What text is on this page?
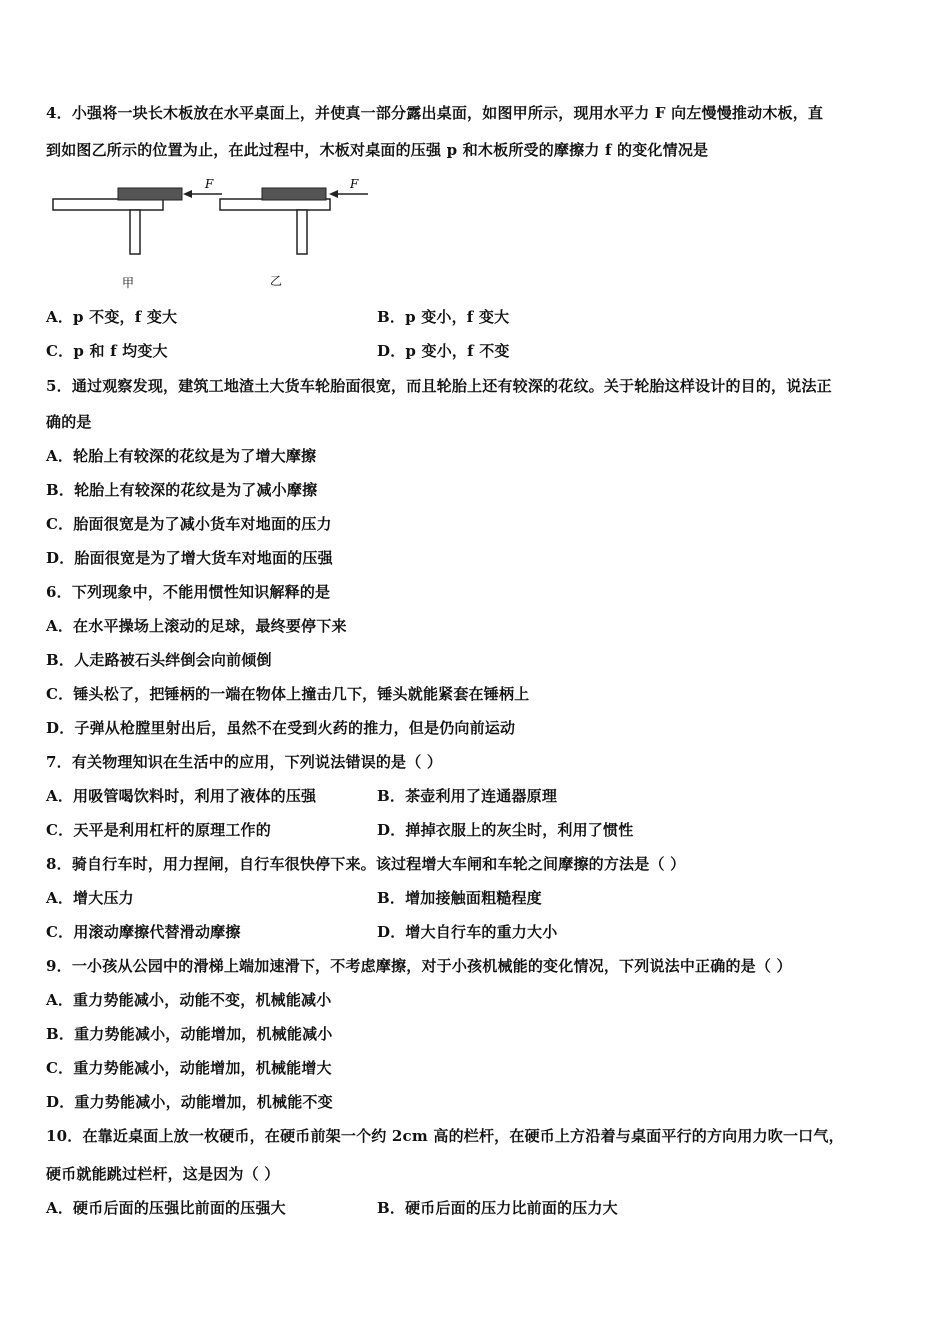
4．小强将一块长木板放在水平桌面上，并使真一部分露出桌面，如图甲所示，现用水平力 F 向左慢慢推动木板，直
到如图乙所示的位置为止，在此过程中，木板对桌面的压强 p 和木板所受的摩擦力 f 的变化情况是
F	F
甲	乙
A．p 不变，f 变大	B．p 变小，f 变大
C．p 和 f 均变大	D．p 变小，f 不变
5．通过观察发现，建筑工地渣土大货车轮胎面很宽，而且轮胎上还有较深的花纹。关于轮胎这样设计的目的，说法正
确的是
A．轮胎上有较深的花纹是为了增大摩擦
B．轮胎上有较深的花纹是为了减小摩擦
C．胎面很宽是为了减小货车对地面的压力
D．胎面很宽是为了增大货车对地面的压强
6．下列现象中，不能用惯性知识解释的是
A．在水平操场上滚动的足球，最终要停下来
B．人走路被石头绊倒会向前倾倒
C．锤头松了，把锤柄的一端在物体上撞击几下，锤头就能紧套在锤柄上
D．子弹从枪膛里射出后，虽然不在受到火药的推力，但是仍向前运动
7．有关物理知识在生活中的应用，下列说法错误的是（ ）
A．用吸管喝饮料时，利用了液体的压强	B．茶壶利用了连通器原理
C．天平是利用杠杆的原理工作的	D．掸掉衣服上的灰尘时，利用了惯性
8．骑自行车时，用力捏闸，自行车很快停下来。该过程增大车闸和车轮之间摩擦的方法是（ ）
A．增大压力	B．增加接触面粗糙程度
C．用滚动摩擦代替滑动摩擦	D．增大自行车的重力大小
9．一小孩从公园中的滑梯上端加速滑下，不考虑摩擦，对于小孩机械能的变化情况，下列说法中正确的是（ ）
A．重力势能减小，动能不变，机械能减小
B．重力势能减小，动能增加，机械能减小
C．重力势能减小，动能增加，机械能增大
D．重力势能减小，动能增加，机械能不变
10．在靠近桌面上放一枚硬币，在硬币前架一个约 2cm 高的栏杆，在硬币上方沿着与桌面平行的方向用力吹一口气，
硬币就能跳过栏杆，这是因为（ ）
A．硬币后面的压强比前面的压强大	B．硬币后面的压力比前面的压力大
